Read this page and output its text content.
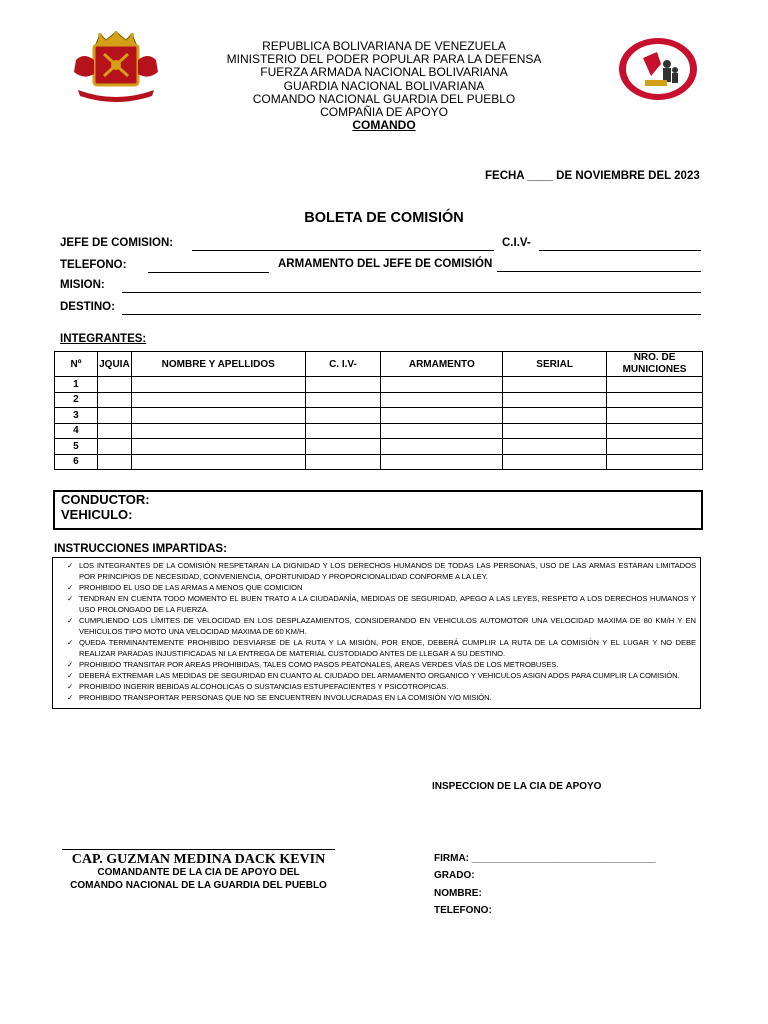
REPUBLICA BOLIVARIANA DE VENEZUELA
MINISTERIO DEL PODER POPULAR PARA LA DEFENSA
FUERZA ARMADA NACIONAL BOLIVARIANA
GUARDIA NACIONAL BOLIVARIANA
COMANDO NACIONAL GUARDIA DEL PUEBLO
COMPAÑIA DE APOYO
COMANDO
FECHA ____ DE NOVIEMBRE DEL 2023
BOLETA DE COMISIÓN
JEFE DE COMISION:	C.I.V-
TELEFONO:	ARMAMENTO DEL JEFE DE COMISIÓN
MISION:
DESTINO:
INTEGRANTES:
Nº	JQUIA	NOMBRE Y APELLIDOS	C. I.V-	ARMAMENTO	SERIAL	NRO. DE MUNICIONES
1						
2						
3						
4						
5						
6						
CONDUCTOR:
VEHICULO:
INSTRUCCIONES IMPARTIDAS:
✓ LOS INTEGRANTES DE LA COMISIÓN RESPETARAN LA DIGNIDAD Y LOS DERECHOS HUMANOS DE TODAS LAS PERSONAS, USO DE LAS ARMAS ESTARAN LIMITADOS POR PRINCIPIOS DE NECESIDAD, CONVENIENCIA, OPORTUNIDAD Y PROPORCIONALIDAD CONFORME A LA LEY.
✓ PROHIBIDO EL USO DE LAS ARMAS A MENOS QUE COMICION
✓ TENDRAN EN CUENTA TODO MOMENTO EL BUEN TRATO A LA CIUDADANÍA, MEDIDAS DE SEGURIDAD, APEGO A LAS LEYES, RESPETO A LOS DERECHOS HUMANOS Y USO PROLONGADO DE LA FUERZA.
✓ CUMPLIENDO LOS LÍMITES DE VELOCIDAD EN LOS DESPLAZAMIENTOS, CONSIDERANDO EN VEHICULOS AUTOMOTOR UNA VELOCIDAD MAXIMA DE 80 KM/H Y EN VEHICULOS TIPO MOTO UNA VELOCIDAD MAXIMA DE 60 KM/H.
✓ QUEDA TERMINANTEMENTE PROHIBIDO DESVIARSE DE LA RUTA Y LA MISIÓN, POR ENDE, DEBERÁ CUMPLIR LA RUTA DE LA COMISIÓN Y EL LUGAR Y NO DEBE REALIZAR PARADAS INJUSTIFICADAS NI LA ENTREGA DE MATERIAL CUSTODIADO ANTES DE LLEGAR A SU DESTINO.
✓ PROHIBIDO TRANSITAR POR AREAS PROHIBIDAS, TALES COMO PASOS PEATONALES, AREAS VERDES VÍAS DE LOS METROBUSES.
✓ DEBERÁ EXTREMAR LAS MEDIDAS DE SEGURIDAD EN CUANTO AL CIUDADO DEL ARMAMENTO ORGANICO Y VEHICULOS ASIGN ADOS PARA CUMPLIR LA COMISIÓN.
✓ PROHIBIDO INGERIR BEBIDAS ALCOHOLICAS O SUSTANCIAS ESTUPEFACIENTES Y PSICOTROPICAS.
✓ PROHIBIDO TRANSPORTAR PERSONAS QUE NO SE ENCUENTREN INVOLUCRADAS EN LA COMISIÓN Y/O MISIÓN.
INSPECCION DE LA CIA DE APOYO
CAP. GUZMAN MEDINA DACK KEVIN
COMANDANTE DE LA CIA DE APOYO DEL
COMANDO NACIONAL DE LA GUARDIA DEL PUEBLO
FIRMA: _________________________________
GRADO:
NOMBRE:
TELEFONO:
